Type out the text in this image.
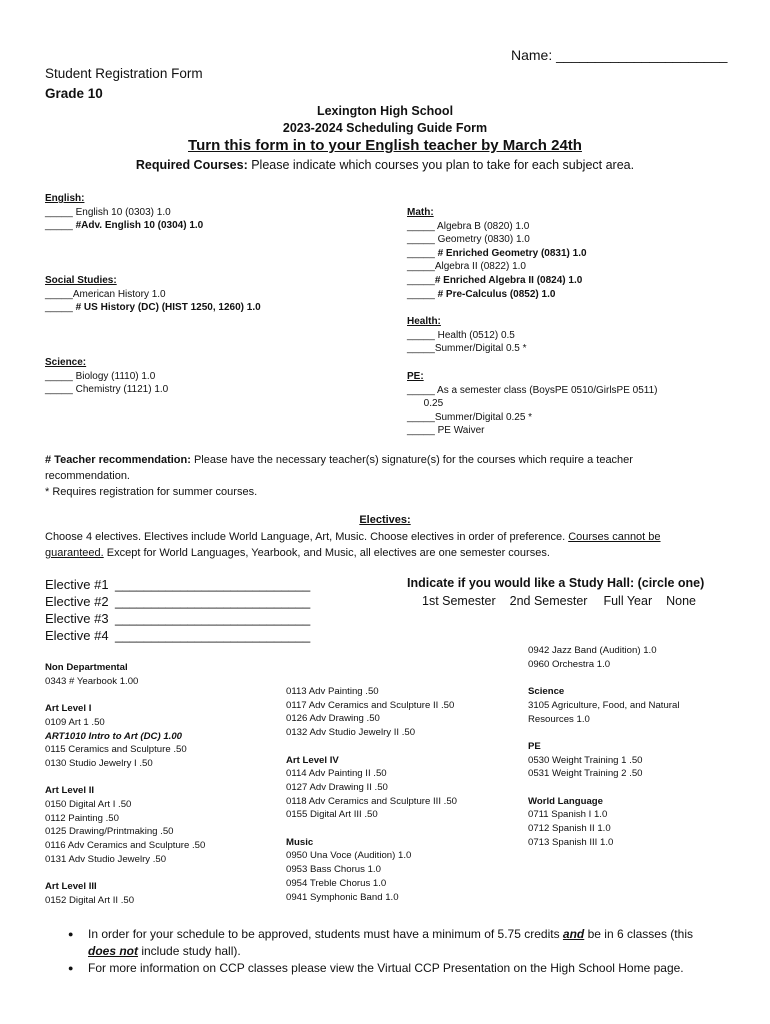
Name: ______________________
Student Registration Form
Grade 10
Lexington High School
2023-2024 Scheduling Guide Form
Turn this form in to your English teacher by March 24th
Required Courses: Please indicate which courses you plan to take for each subject area.
English:
_____ English 10 (0303) 1.0
_____ #Adv. English 10 (0304) 1.0
Social Studies:
_____American History 1.0
_____ # US History (DC) (HIST 1250, 1260) 1.0
Science:
_____ Biology (1110) 1.0
_____ Chemistry (1121) 1.0
Math:
_____ Algebra B (0820) 1.0
_____ Geometry (0830) 1.0
_____ # Enriched Geometry (0831) 1.0
_____Algebra II (0822) 1.0
_____# Enriched Algebra II (0824) 1.0
_____ # Pre-Calculus (0852) 1.0
Health:
_____ Health (0512) 0.5
_____Summer/Digital 0.5 *
PE:
_____ As a semester class (BoysPE 0510/GirlsPE 0511)
0.25
_____Summer/Digital 0.25 *
_____ PE Waiver
# Teacher recommendation: Please have the necessary teacher(s) signature(s) for the courses which require a teacher
recommendation.
* Requires registration for summer courses.
Electives:
Choose 4 electives. Electives include World Language, Art, Music. Choose electives in order of preference. Courses cannot be
guaranteed. Except for World Languages, Yearbook, and Music, all electives are one semester courses.
Elective #1 ___________________________
Elective #2 ___________________________
Elective #3 ___________________________
Elective #4 ___________________________
Indicate if you would like a Study Hall: (circle one)
1st Semester 2nd Semester Full Year None
Non Departmental
0343 # Yearbook 1.00
Art Level I
0109 Art 1 .50
ART1010 Intro to Art (DC) 1.00
0115 Ceramics and Sculpture .50
0130 Studio Jewelry I .50
Art Level II
0150 Digital Art I .50
0112 Painting .50
0125 Drawing/Printmaking .50
0116 Adv Ceramics and Sculpture .50
0131 Adv Studio Jewelry .50
Art Level III
0152 Digital Art II .50
0113 Adv Painting .50
0117 Adv Ceramics and Sculpture II .50
0126 Adv Drawing .50
0132 Adv Studio Jewelry II .50
Art Level IV
0114 Adv Painting II .50
0127 Adv Drawing II .50
0118 Adv Ceramics and Sculpture III .50
0155 Digital Art III .50
Music
0950 Una Voce (Audition) 1.0
0953 Bass Chorus 1.0
0954 Treble Chorus 1.0
0941 Symphonic Band 1.0
0942 Jazz Band (Audition) 1.0
0960 Orchestra 1.0
Science
3105 Agriculture, Food, and Natural
Resources 1.0
PE
0530 Weight Training 1 .50
0531 Weight Training 2 .50
World Language
0711 Spanish I 1.0
0712 Spanish II 1.0
0713 Spanish III 1.0
● In order for your schedule to be approved, students must have a minimum of 5.75 credits and be in 6 classes (this
does not include study hall).
● For more information on CCP classes please view the Virtual CCP Presentation on the High School Home page.
